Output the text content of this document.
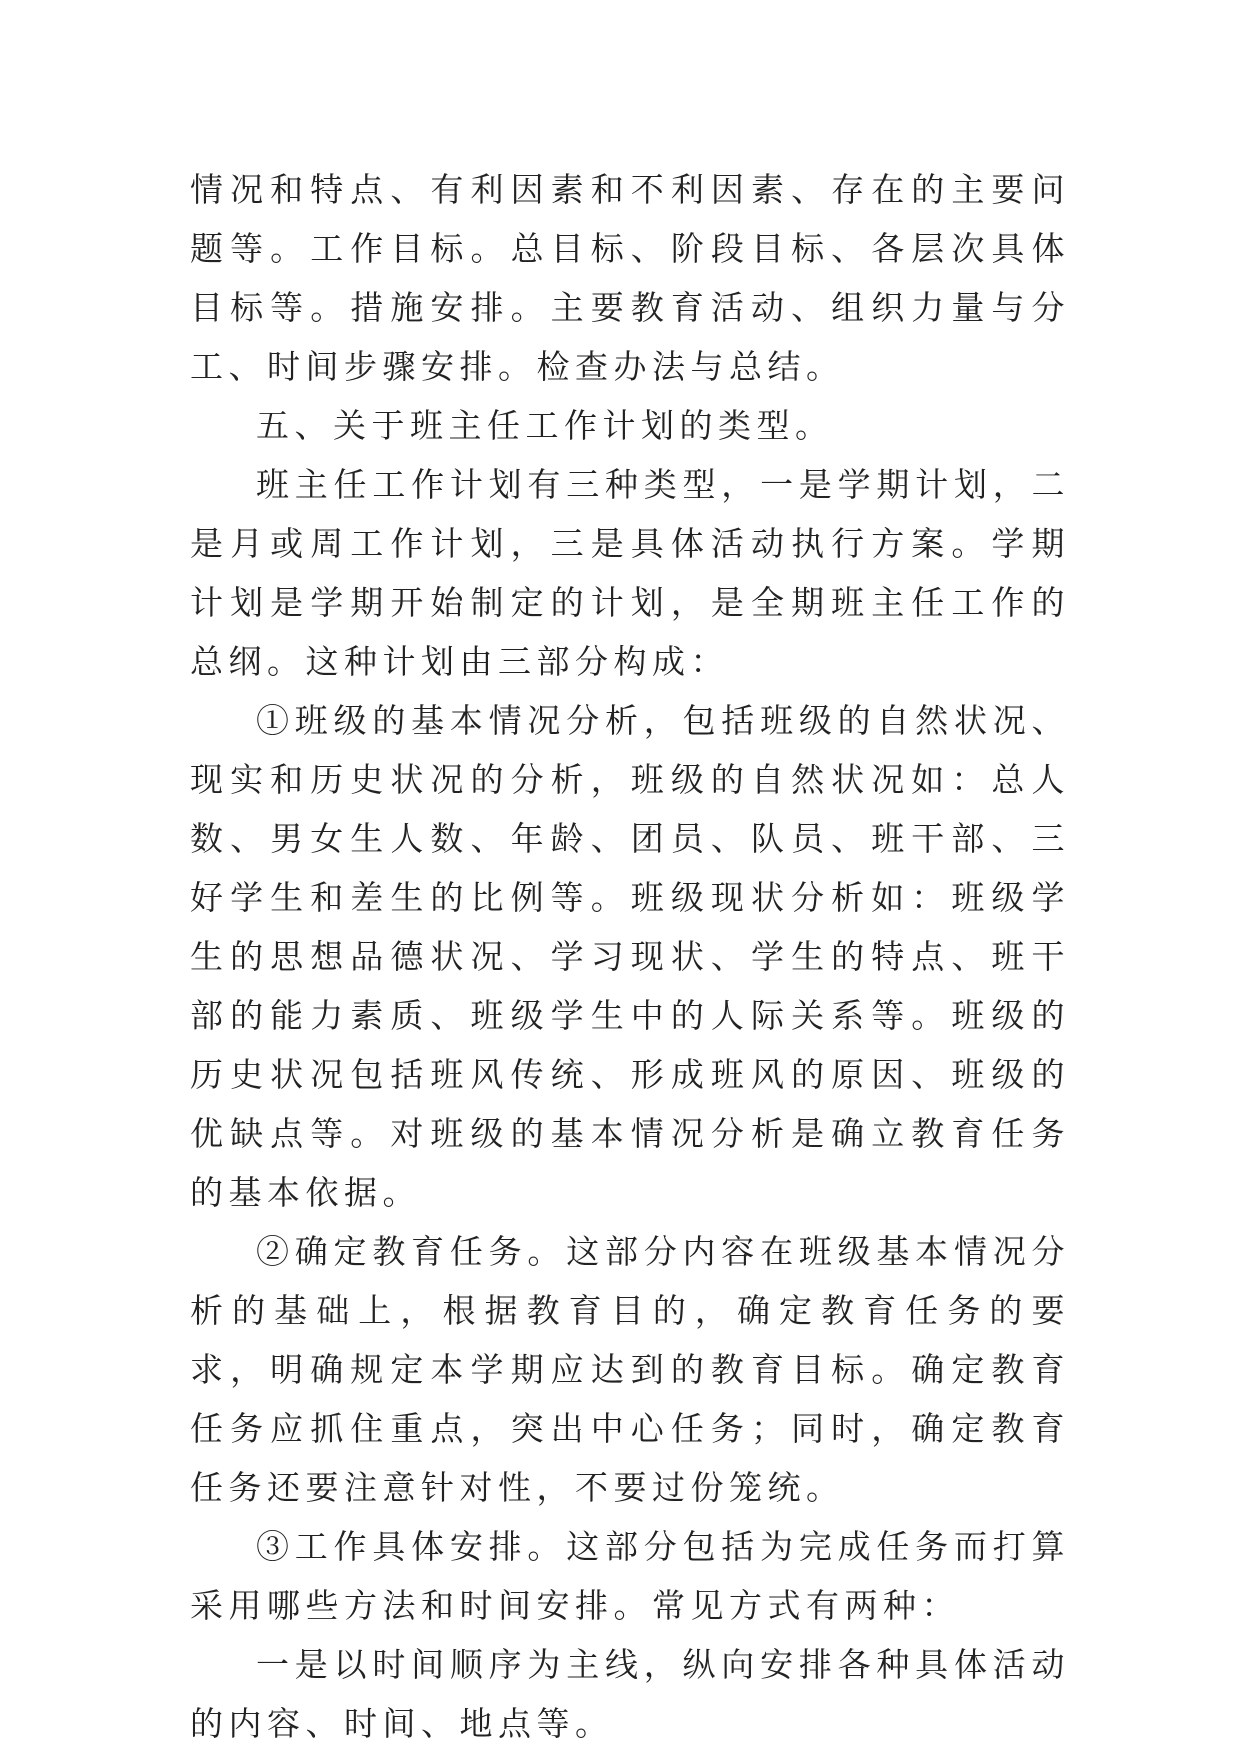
情况和特点、有利因素和不利因素、存在的主要问题等。工作目标。总目标、阶段目标、各层次具体目标等。措施安排。主要教育活动、组织力量与分工、时间步骤安排。检查办法与总结。

五、关于班主任工作计划的类型。

班主任工作计划有三种类型，一是学期计划，二是月或周工作计划，三是具体活动执行方案。学期计划是学期开始制定的计划，是全期班主任工作的总纲。这种计划由三部分构成：

①班级的基本情况分析，包括班级的自然状况、现实和历史状况的分析，班级的自然状况如：总人数、男女生人数、年龄、团员、队员、班干部、三好学生和差生的比例等。班级现状分析如：班级学生的思想品德状况、学习现状、学生的特点、班干部的能力素质、班级学生中的人际关系等。班级的历史状况包括班风传统、形成班风的原因、班级的优缺点等。对班级的基本情况分析是确立教育任务的基本依据。

②确定教育任务。这部分内容在班级基本情况分析的基础上，根据教育目的，确定教育任务的要求，明确规定本学期应达到的教育目标。确定教育任务应抓住重点，突出中心任务；同时，确定教育任务还要注意针对性，不要过份笼统。

③工作具体安排。这部分包括为完成任务而打算采用哪些方法和时间安排。常见方式有两种：

一是以时间顺序为主线，纵向安排各种具体活动的内容、时间、地点等。
